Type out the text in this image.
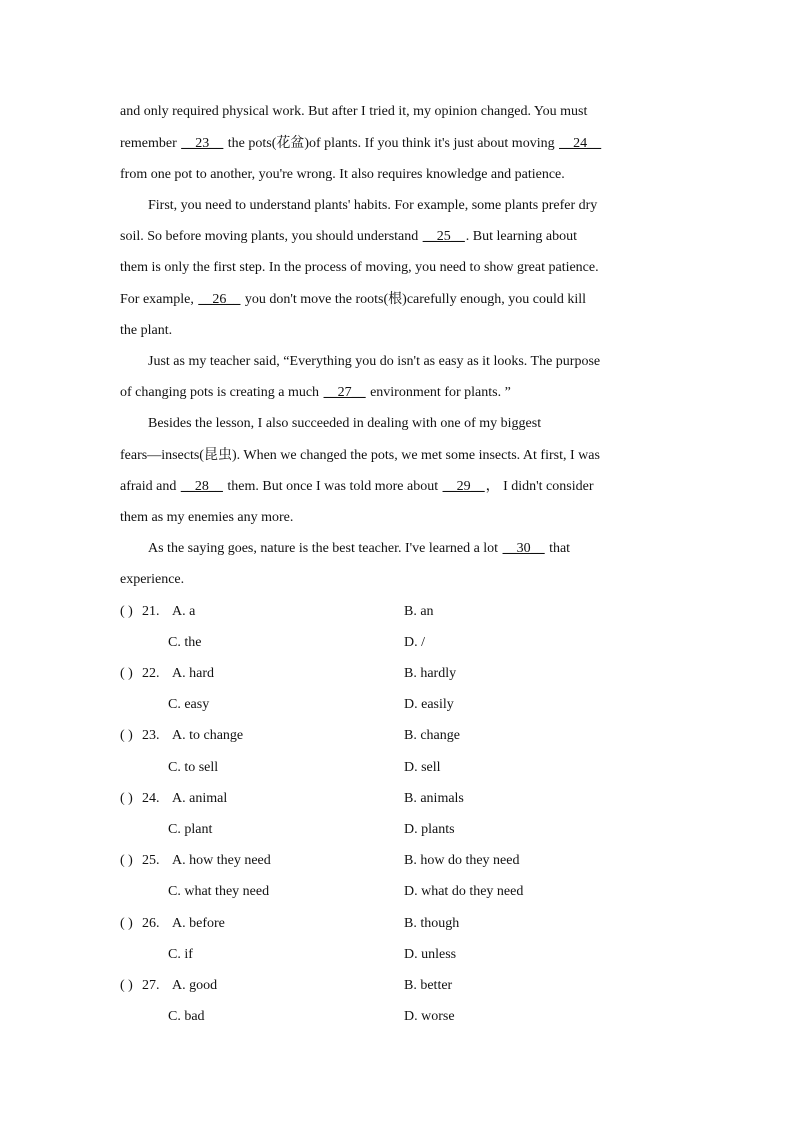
and only required physical work. But after I tried it, my opinion changed. You must
remember __23__ the pots(花盆)of plants. If you think it's just about moving __24__
from one pot to another, you're wrong. It also requires knowledge and patience.
First, you need to understand plants' habits. For example, some plants prefer dry
soil. So before moving plants, you should understand __25__. But learning about
them is only the first step. In the process of moving, you need to show great patience.
For example, __26__ you don't move the roots(根)carefully enough, you could kill
the plant.
Just as my teacher said, “Everything you do isn't as easy as it looks. The purpose
of changing pots is creating a much __27__ environment for plants. ”
Besides the lesson, I also succeeded in dealing with one of my biggest
fears—insects(昆虫). When we changed the pots, we met some insects. At first, I was
afraid and __28__ them. But once I was told more about __29__， I didn't consider
them as my enemies any more.
As the saying goes, nature is the best teacher. I've learned a lot __30__ that
experience.
( ) 21. A. a	B. an
C. the	D. /
( ) 22. A. hard	B. hardly
C. easy	D. easily
( ) 23. A. to change	B. change
C. to sell	D. sell
( ) 24. A. animal	B. animals
C. plant	D. plants
( ) 25. A. how they need	B. how do they need
C. what they need	D. what do they need
( ) 26. A. before	B. though
C. if	D. unless
( ) 27. A. good	B. better
C. bad	D. worse
